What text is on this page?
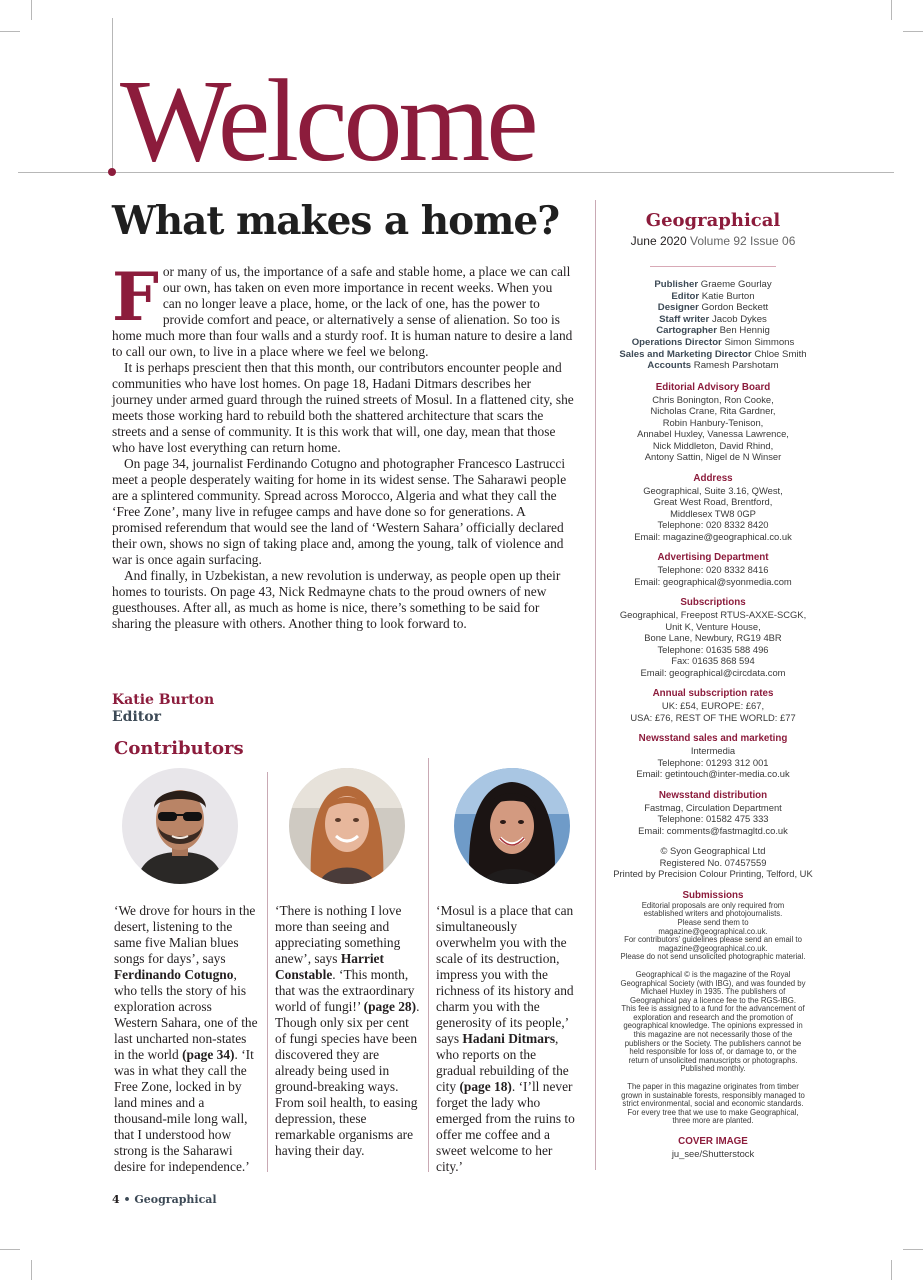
Welcome
What makes a home?

For many of us, the importance of a safe and stable home, a place we can call our own, has taken on even more importance in recent weeks. When you can no longer leave a place, home, or the lack of one, has the power to provide comfort and peace, or alternatively a sense of alienation. So too is home much more than four walls and a sturdy roof. It is human nature to desire a land to call our own, to live in a place where we feel we belong.

It is perhaps prescient then that this month, our contributors encounter people and communities who have lost homes. On page 18, Hadani Ditmars describes her journey under armed guard through the ruined streets of Mosul. In a flattened city, she meets those working hard to rebuild both the shattered architecture that scars the streets and a sense of community. It is this work that will, one day, mean that those who have lost everything can return home.

On page 34, journalist Ferdinando Cotugno and photographer Francesco Lastrucci meet a people desperately waiting for home in its widest sense. The Saharawi people are a splintered community. Spread across Morocco, Algeria and what they call the ‘Free Zone’, many live in refugee camps and have done so for generations. A promised referendum that would see the land of ‘Western Sahara’ officially declared their own, shows no sign of taking place and, among the young, talk of violence and war is once again surfacing.

And finally, in Uzbekistan, a new revolution is underway, as people open up their homes to tourists. On page 43, Nick Redmayne chats to the proud owners of new guesthouses. After all, as much as home is nice, there’s something to be said for sharing the pleasure with others. Another thing to look forward to.

Katie Burton
Editor
Contributors
‘We drove for hours in the desert, listening to the same five Malian blues songs for days’, says Ferdinando Cotugno, who tells the story of his exploration across Western Sahara, one of the last uncharted non-states in the world (page 34). ‘It was in what they call the Free Zone, locked in by land mines and a thousand-mile long wall, that I understood how strong is the Saharawi desire for independence.’
‘There is nothing I love more than seeing and appreciating something anew’, says Harriet Constable. ‘This month, that was the extraordinary world of fungi!’ (page 28). Though only six per cent of fungi species have been discovered they are already being used in ground-breaking ways. From soil health, to easing depression, these remarkable organisms are having their day.
‘Mosul is a place that can simultaneously overwhelm you with the scale of its destruction, impress you with the richness of its history and charm you with the generosity of its people,’ says Hadani Ditmars, who reports on the gradual rebuilding of the city (page 18). ‘I’ll never forget the lady who emerged from the ruins to offer me coffee and a sweet welcome to her city.’
4 • Geographical
Geographical
June 2020 Volume 92 Issue 06
Publisher Graeme Gourlay
Editor Katie Burton
Designer Gordon Beckett
Staff writer Jacob Dykes
Cartographer Ben Hennig
Operations Director Simon Simmons
Sales and Marketing Director Chloe Smith
Accounts Ramesh Parshotam
Editorial Advisory Board
Chris Bonington, Ron Cooke,
Nicholas Crane, Rita Gardner,
Robin Hanbury-Tenison,
Annabel Huxley, Vanessa Lawrence,
Nick Middleton, David Rhind,
Antony Sattin, Nigel de N Winser
Address
Geographical, Suite 3.16, QWest,
Great West Road, Brentford,
Middlesex TW8 0GP
Telephone: 020 8332 8420
Email: magazine@geographical.co.uk
Advertising Department
Telephone: 020 8332 8416
Email: geographical@syonmedia.com
Subscriptions
Geographical, Freepost RTUS-AXXE-SCGK,
Unit K, Venture House,
Bone Lane, Newbury, RG19 4BR
Telephone: 01635 588 496
Fax: 01635 868 594
Email: geographical@circdata.com
Annual subscription rates
UK: £54, EUROPE: £67,
USA: £76, REST OF THE WORLD: £77
Newsstand sales and marketing
Intermedia
Telephone: 01293 312 001
Email: getintouch@inter-media.co.uk
Newsstand distribution
Fastmag, Circulation Department
Telephone: 01582 475 333
Email: comments@fastmagltd.co.uk
© Syon Geographical Ltd
Registered No. 07457559
Printed by Precision Colour Printing, Telford, UK
Submissions
Editorial proposals are only required from
established writers and photojournalists.
Please send them to
magazine@geographical.co.uk.
For contributors’ guidelines please send an email to
magazine@geographical.co.uk.
Please do not send unsolicited photographic material.
Geographical © is the magazine of the Royal
Geographical Society (with IBG), and was founded by
Michael Huxley in 1935. The publishers of
Geographical pay a licence fee to the RGS-IBG.
This fee is assigned to a fund for the advancement of
exploration and research and the promotion of
geographical knowledge. The opinions expressed in
this magazine are not necessarily those of the
publishers or the Society. The publishers cannot be
held responsible for loss of, or damage to, or the
return of unsolicited manuscripts or photographs.
Published monthly.
The paper in this magazine originates from timber
grown in sustainable forests, responsibly managed to
strict environmental, social and economic standards.
For every tree that we use to make Geographical,
three more are planted.
COVER IMAGE
ju_see/Shutterstock
